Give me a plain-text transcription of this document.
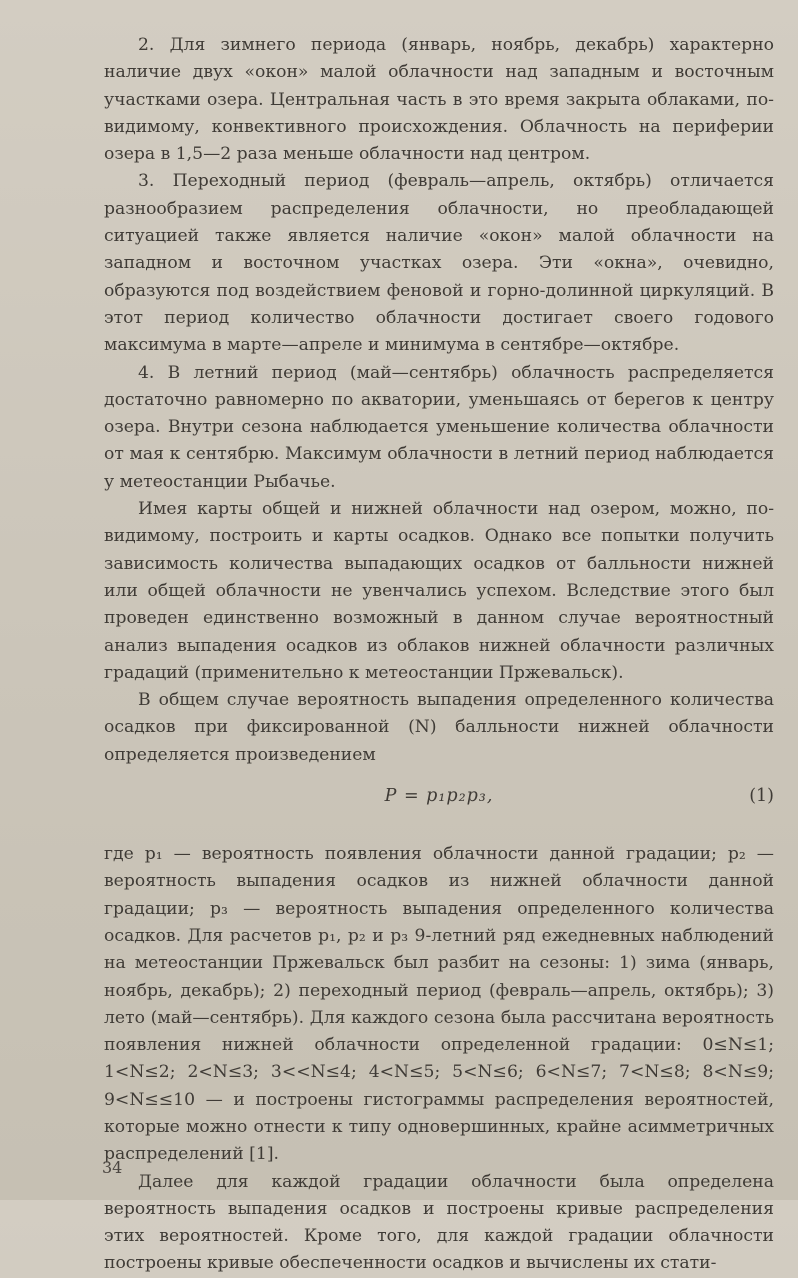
2. Для зимнего периода (январь, ноябрь, декабрь) характерно наличие двух «окон» малой облачности над западным и восточным участками озера. Центральная часть в это время закрыта облаками, по-видимому, конвективного происхождения. Облачность на периферии озера в 1,5—2 раза меньше облачности над центром.

3. Переходный период (февраль—апрель, октябрь) отличается разнообразием распределения облачности, но преобладающей ситуацией также является наличие «окон» малой облачности на западном и восточном участках озера. Эти «окна», очевидно, образуются под воздействием феновой и горно-долинной циркуляций. В этот период количество облачности достигает своего годового максимума в марте—апреле и минимума в сентябре—октябре.

4. В летний период (май—сентябрь) облачность распределяется достаточно равномерно по акватории, уменьшаясь от берегов к центру озера. Внутри сезона наблюдается уменьшение количества облачности от мая к сентябрю. Максимум облачности в летний период наблюдается у метеостанции Рыбачье.

Имея карты общей и нижней облачности над озером, можно, по-видимому, построить и карты осадков. Однако все попытки получить зависимость количества выпадающих осадков от балльности нижней или общей облачности не увенчались успехом. Вследствие этого был проведен единственно возможный в данном случае вероятностный анализ выпадения осадков из облаков нижней облачности различных градаций (применительно к метеостанции Пржевальск).

В общем случае вероятность выпадения определенного количества осадков при фиксированной (N) балльности нижней облачности определяется произведением

P = p₁p₂p₃,	(1)

где p₁ — вероятность появления облачности данной градации; p₂ — вероятность выпадения осадков из нижней облачности данной градации; p₃ — вероятность выпадения определенного количества осадков. Для расчетов p₁, p₂ и p₃ 9-летний ряд ежедневных наблюдений на метеостанции Пржевальск был разбит на сезоны: 1) зима (январь, ноябрь, декабрь); 2) переходный период (февраль—апрель, октябрь); 3) лето (май—сентябрь). Для каждого сезона была рассчитана вероятность появления нижней облачности определенной градации: 0≤N≤1; 1<N≤2; 2<N≤3; 3<<N≤4; 4<N≤5; 5<N≤6; 6<N≤7; 7<N≤8; 8<N≤9; 9<N≤≤10 — и построены гистограммы распределения вероятностей, которые можно отнести к типу одновершинных, крайне асимметричных распределений [1].

Далее для каждой градации облачности была определена вероятность выпадения осадков и построены кривые распределения этих вероятностей. Кроме того, для каждой градации облачности построены кривые обеспеченности осадков и вычислены их стати-

34
